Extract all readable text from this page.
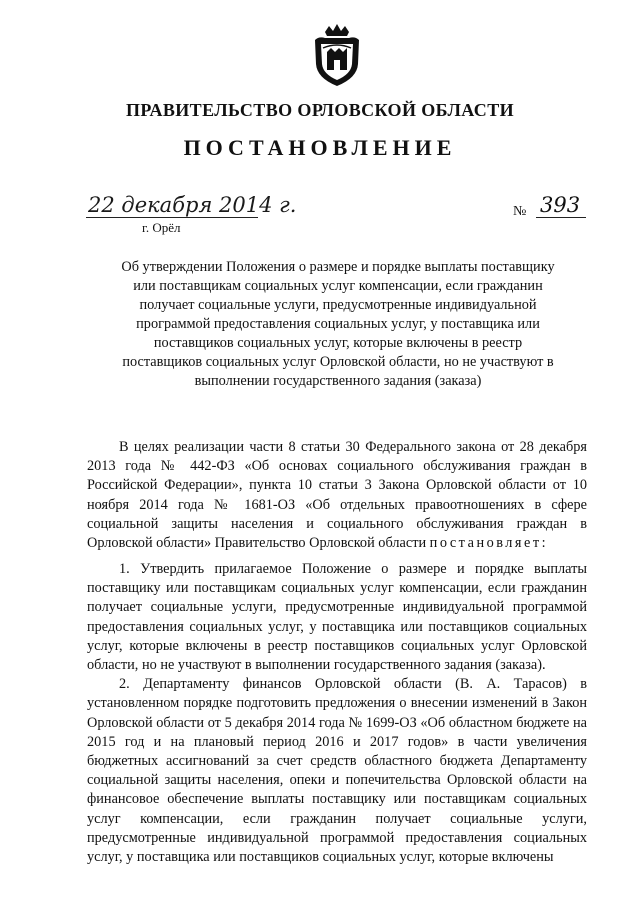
ПРАВИТЕЛЬСТВО ОРЛОВСКОЙ ОБЛАСТИ
ПОСТАНОВЛЕНИЕ
22 декабря 2014 г.
г. Орёл
№ 393
Об утверждении Положения о размере и порядке выплаты поставщику или поставщикам социальных услуг компенсации, если гражданин получает социальные услуги, предусмотренные индивидуальной программой предоставления социальных услуг, у поставщика или поставщиков социальных услуг, которые включены в реестр поставщиков социальных услуг Орловской области, но не участвуют в выполнении государственного задания (заказа)
В целях реализации части 8 статьи 30 Федерального закона от 28 декабря 2013 года № 442-ФЗ «Об основах социального обслуживания граждан в Российской Федерации», пункта 10 статьи 3 Закона Орловской области от 10 ноября 2014 года № 1681-ОЗ «Об отдельных правоотношениях в сфере социальной защиты населения и социального обслуживания граждан в Орловской области» Правительство Орловской области постановляет:

1. Утвердить прилагаемое Положение о размере и порядке выплаты поставщику или поставщикам социальных услуг компенсации, если гражданин получает социальные услуги, предусмотренные индивидуальной программой предоставления социальных услуг, у поставщика или поставщиков социальных услуг, которые включены в реестр поставщиков социальных услуг Орловской области, но не участвуют в выполнении государственного задания (заказа).

2. Департаменту финансов Орловской области (В. А. Тарасов) в установленном порядке подготовить предложения о внесении изменений в Закон Орловской области от 5 декабря 2014 года № 1699-ОЗ «Об областном бюджете на 2015 год и на плановый период 2016 и 2017 годов» в части увеличения бюджетных ассигнований за счет средств областного бюджета Департаменту социальной защиты населения, опеки и попечительства Орловской области на финансовое обеспечение выплаты поставщику или поставщикам социальных услуг компенсации, если гражданин получает социальные услуги, предусмотренные индивидуальной программой предоставления социальных услуг, у поставщика или поставщиков социальных услуг, которые включены
